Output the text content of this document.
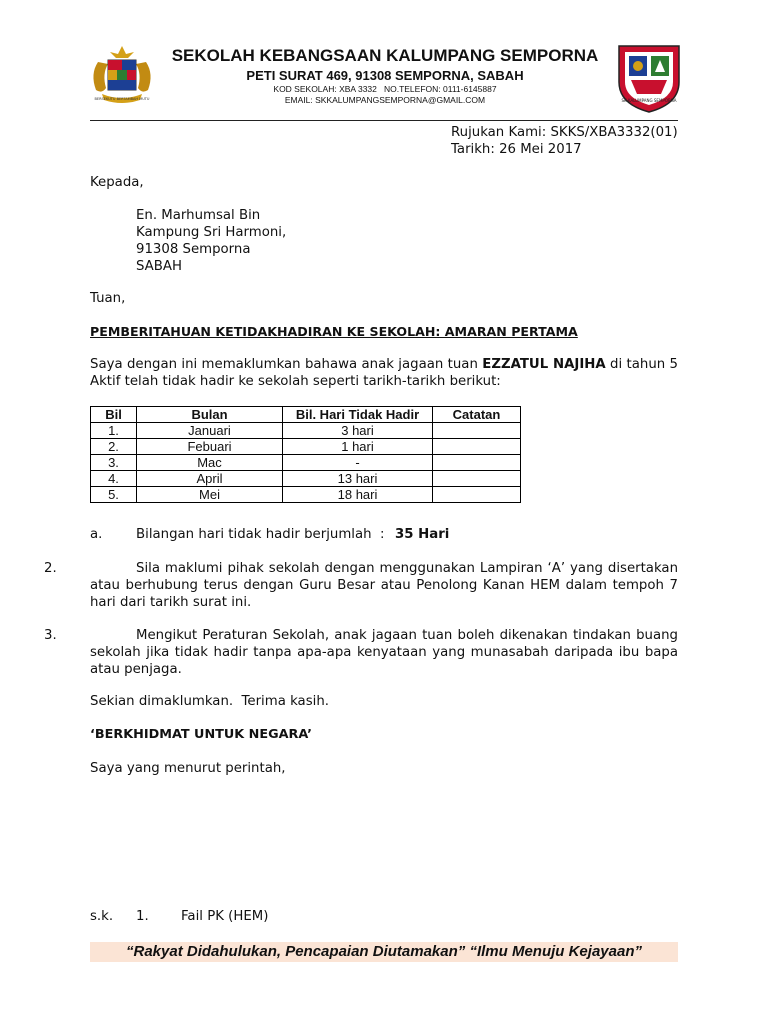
BERSEKUTU BERTAMBAH MUTU
SEKOLAH KEBANGSAAN KALUMPANG SEMPORNA
PETI SURAT 469, 91308 SEMPORNA, SABAH
KOD SEKOLAH: XBA 3332   NO.TELEFON: 0111-6145887
EMAIL: SKKALUMPANGSEMPORNA@GMAIL.COM	SK KALUMPANG SEMPORNA
Rujukan Kami: SKKS/XBA3332(01)
Tarikh: 26 Mei 2017
Kepada,
En. Marhumsal Bin
Kampung Sri Harmoni,
91308 Semporna
SABAH
Tuan,
PEMBERITAHUAN KETIDAKHADIRAN KE SEKOLAH: AMARAN PERTAMA
Saya dengan ini memaklumkan bahawa anak jagaan tuan EZZATUL NAJIHA di tahun 5 Aktif telah tidak hadir ke sekolah seperti tarikh-tarikh berikut:
Bil	Bulan	Bil. Hari Tidak Hadir	Catatan
1.	Januari	3 hari	
2.	Febuari	1 hari	
3.	Mac	-	
4.	April	13 hari	
5.	Mei	18 hari	
a.	Bilangan hari tidak hadir berjumlah : 35 Hari
2.	Sila maklumi pihak sekolah dengan menggunakan Lampiran ‘A’ yang disertakan atau berhubung terus dengan Guru Besar atau Penolong Kanan HEM dalam tempoh 7 hari dari tarikh surat ini.
3.	Mengikut Peraturan Sekolah, anak jagaan tuan boleh dikenakan tindakan buang sekolah jika tidak hadir tanpa apa-apa kenyataan yang munasabah daripada ibu bapa atau penjaga.
Sekian dimaklumkan.  Terima kasih.
‘BERKHIDMAT UNTUK NEGARA’
Saya yang menurut perintah,
s.k. 1. Fail PK (HEM)
“Rakyat Didahulukan, Pencapaian Diutamakan” “Ilmu Menuju Kejayaan”
